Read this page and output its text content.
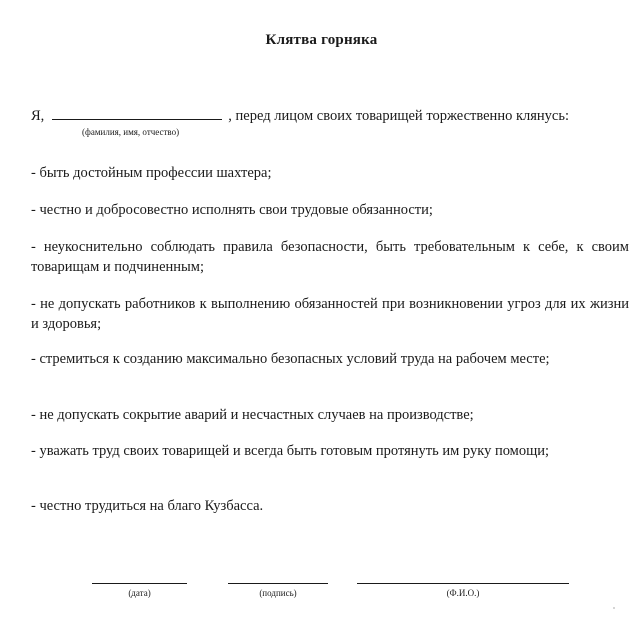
Клятва горняка
Я,	, перед лицом своих товарищей торжественно клянусь:
(фамилия, имя, отчество)
- быть достойным профессии шахтера;
- честно и добросовестно исполнять свои трудовые обязанности;
- неукоснительно соблюдать правила безопасности, быть требовательным к себе, к своим товарищам и подчиненным;
- не допускать работников к выполнению обязанностей при возникновении угроз для их жизни и здоровья;
- стремиться к созданию максимально безопасных условий труда на рабочем месте;
- не допускать сокрытие аварий и несчастных случаев на производстве;
- уважать труд своих товарищей и всегда быть готовым протянуть им руку помощи;
- честно трудиться на благо Кузбасса.
(дата)	(подпись)	(Ф.И.О.)
